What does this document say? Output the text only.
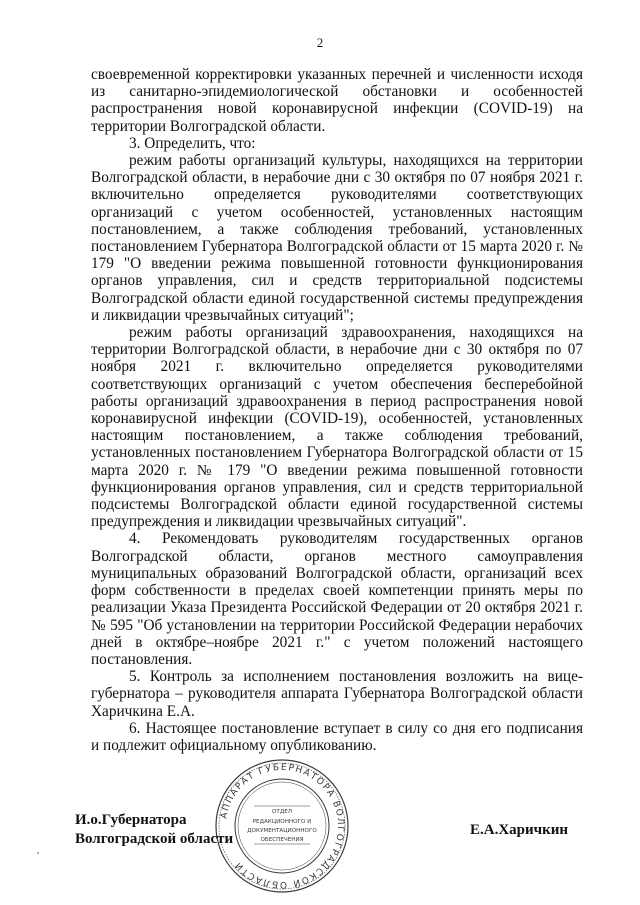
2

своевременной корректировки указанных перечней и численности исходя из санитарно-эпидемиологической обстановки и особенностей распространения новой коронавирусной инфекции (COVID-19) на территории Волгоградской области.

3. Определить, что:

режим работы организаций культуры, находящихся на территории Волгоградской области, в нерабочие дни с 30 октября по 07 ноября 2021 г. включительно определяется руководителями соответствующих организаций с учетом особенностей, установленных настоящим постановлением, а также соблюдения требований, установленных постановлением Губернатора Волгоградской области от 15 марта 2020 г. № 179 "О введении режима повышенной готовности функционирования органов управления, сил и средств территориальной подсистемы Волгоградской области единой государственной системы предупреждения и ликвидации чрезвычайных ситуаций";

режим работы организаций здравоохранения, находящихся на территории Волгоградской области, в нерабочие дни с 30 октября по 07 ноября 2021 г. включительно определяется руководителями соответствующих организаций с учетом обеспечения бесперебойной работы организаций здравоохранения в период распространения новой коронавирусной инфекции (COVID-19), особенностей, установленных настоящим постановлением, а также соблюдения требований, установленных постановлением Губернатора Волгоградской области от 15 марта 2020 г. № 179 "О введении режима повышенной готовности функционирования органов управления, сил и средств территориальной подсистемы Волгоградской области единой государственной системы предупреждения и ликвидации чрезвычайных ситуаций".

4. Рекомендовать руководителям государственных органов Волгоградской области, органов местного самоуправления муниципальных образований Волгоградской области, организаций всех форм собственности в пределах своей компетенции принять меры по реализации Указа Президента Российской Федерации от 20 октября 2021 г. № 595 "Об установлении на территории Российской Федерации нерабочих дней в октябре–ноябре 2021 г." с учетом положений настоящего постановления.

5. Контроль за исполнением постановления возложить на вице-губернатора – руководителя аппарата Губернатора Волгоградской области Харичкина Е.А.

6. Настоящее постановление вступает в силу со дня его подписания и подлежит официальному опубликованию.

АППАРАТ ГУБЕРНАТОРА ВОЛГОГРАДСКОЙ ОБЛАСТИ
ОТДЕЛ
РЕДАКЦИОННОГО И
ДОКУМЕНТАЦИОННОГО
ОБЕСПЕЧЕНИЯ
И.о.Губернатора
Волгоградской области
Е.А.Харичкин
